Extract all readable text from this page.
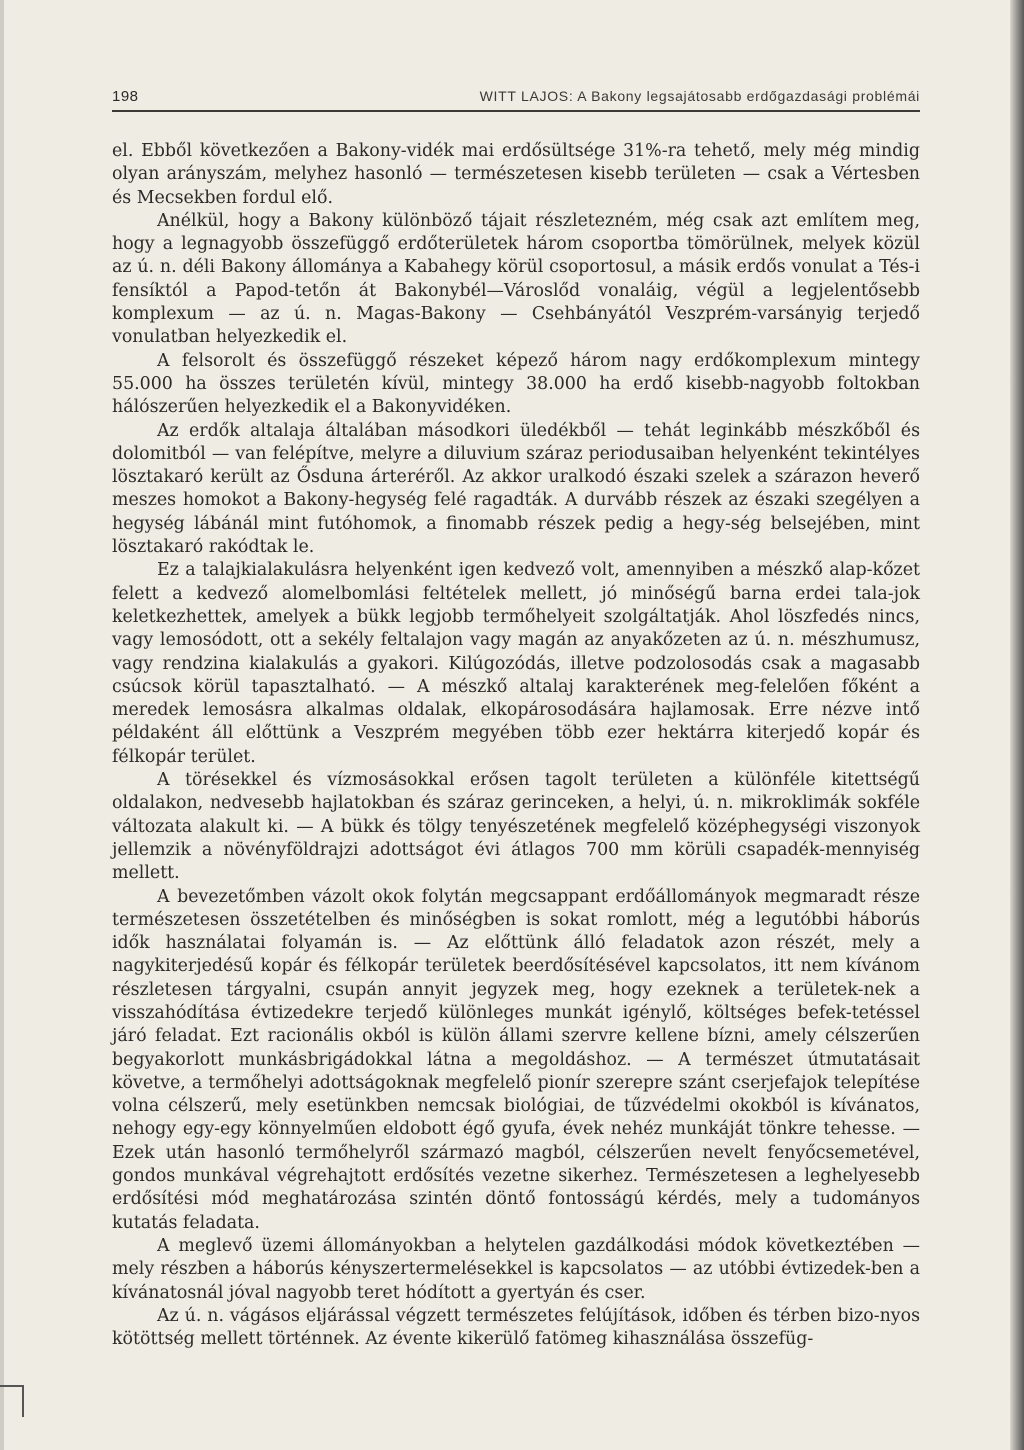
198	WITT LAJOS: A Bakony legsajátosabb erdőgazdasági problémái

el. Ebből következően a Bakony-vidék mai erdősültsége 31%-ra tehető, mely még mindig olyan arányszám, melyhez hasonló — természetesen kisebb területen — csak a Vértesben és Mecsekben fordul elő.

Anélkül, hogy a Bakony különböző tájait részletezném, még csak azt említem meg, hogy a legnagyobb összefüggő erdőterületek három csoportba tömörülnek, melyek közül az ú. n. déli Bakony állománya a Kabahegy körül csoportosul, a másik erdős vonulat a Tés-i fensíktól a Papod-tetőn át Bakonybél—Városlőd vonaláig, végül a legjelentősebb komplexum — az ú. n. Magas-Bakony — Csehbányától Veszprém-varsányig terjedő vonulatban helyezkedik el.

A felsorolt és összefüggő részeket képező három nagy erdőkomplexum mintegy 55.000 ha összes területén kívül, mintegy 38.000 ha erdő kisebb-nagyobb foltokban hálószerűen helyezkedik el a Bakonyvidéken.

Az erdők altalaja általában másodkori üledékből — tehát leginkább mészkőből és dolomitból — van felépítve, melyre a diluvium száraz periodusaiban helyenként tekintélyes lösztakaró került az Ősduna árteréről. Az akkor uralkodó északi szelek a szárazon heverő meszes homokot a Bakony-hegység felé ragadták. A durvább részek az északi szegélyen a hegység lábánál mint futóhomok, a finomabb részek pedig a hegy-ség belsejében, mint lösztakaró rakódtak le.

Ez a talajkialakulásra helyenként igen kedvező volt, amennyiben a mészkő alap-kőzet felett a kedvező alomelbomlási feltételek mellett, jó minőségű barna erdei tala-jok keletkezhettek, amelyek a bükk legjobb termőhelyeit szolgáltatják. Ahol löszfedés nincs, vagy lemosódott, ott a sekély feltalajon vagy magán az anyakőzeten az ú. n. mészhumusz, vagy rendzina kialakulás a gyakori. Kilúgozódás, illetve podzolosodás csak a magasabb csúcsok körül tapasztalható. — A mészkő altalaj karakterének meg-felelően főként a meredek lemosásra alkalmas oldalak, elkopárosodására hajlamosak. Erre nézve intő példaként áll előttünk a Veszprém megyében több ezer hektárra kiterjedő kopár és félkopár terület.

A törésekkel és vízmosásokkal erősen tagolt területen a különféle kitettségű oldalakon, nedvesebb hajlatokban és száraz gerinceken, a helyi, ú. n. mikroklimák sokféle változata alakult ki. — A bükk és tölgy tenyészetének megfelelő középhegységi viszonyok jellemzik a növényföldrajzi adottságot évi átlagos 700 mm körüli csapadék-mennyiség mellett.

A bevezetőmben vázolt okok folytán megcsappant erdőállományok megmaradt része természetesen összetételben és minőségben is sokat romlott, még a legutóbbi háborús idők használatai folyamán is. — Az előttünk álló feladatok azon részét, mely a nagykiterjedésű kopár és félkopár területek beerdősítésével kapcsolatos, itt nem kívánom részletesen tárgyalni, csupán annyit jegyzek meg, hogy ezeknek a területek-nek a visszahódítása évtizedekre terjedő különleges munkát igénylő, költséges befek-tetéssel járó feladat. Ezt racionális okból is külön állami szervre kellene bízni, amely célszerűen begyakorlott munkásbrigádokkal látna a megoldáshoz. — A természet útmutatásait követve, a termőhelyi adottságoknak megfelelő pionír szerepre szánt cserjefajok telepítése volna célszerű, mely esetünkben nemcsak biológiai, de tűzvédelmi okokból is kívánatos, nehogy egy-egy könnyelműen eldobott égő gyufa, évek nehéz munkáját tönkre tehesse. — Ezek után hasonló termőhelyről származó magból, célszerűen nevelt fenyőcsemetével, gondos munkával végrehajtott erdősítés vezetne sikerhez. Természetesen a leghelyesebb erdősítési mód meghatározása szintén döntő fontosságú kérdés, mely a tudományos kutatás feladata.

A meglevő üzemi állományokban a helytelen gazdálkodási módok következtében — mely részben a háborús kényszertermelésekkel is kapcsolatos — az utóbbi évtizedek-ben a kívánatosnál jóval nagyobb teret hódított a gyertyán és cser.

Az ú. n. vágásos eljárással végzett természetes felújítások, időben és térben bizo-nyos kötöttség mellett történnek. Az évente kikerülő fatömeg kihasználása összefüg-
